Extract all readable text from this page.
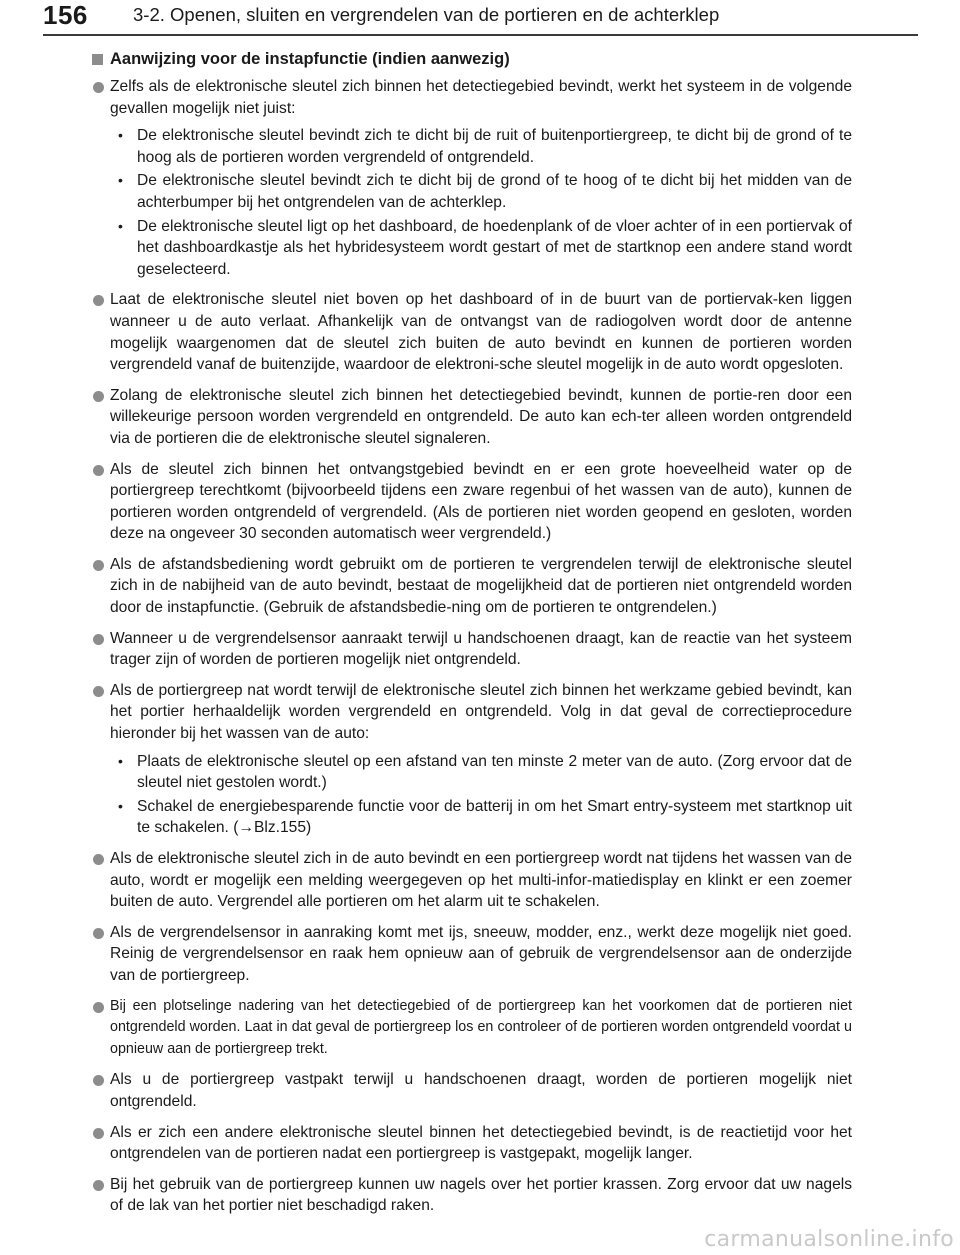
156 3-2. Openen, sluiten en vergrendelen van de portieren en de achterklep
Aanwijzing voor de instapfunctie (indien aanwezig)
Zelfs als de elektronische sleutel zich binnen het detectiegebied bevindt, werkt het systeem in de volgende gevallen mogelijk niet juist:
• De elektronische sleutel bevindt zich te dicht bij de ruit of buitenportiergreep, te dicht bij de grond of te hoog als de portieren worden vergrendeld of ontgrendeld.
• De elektronische sleutel bevindt zich te dicht bij de grond of te hoog of te dicht bij het midden van de achterbumper bij het ontgrendelen van de achterklep.
• De elektronische sleutel ligt op het dashboard, de hoedenplank of de vloer achter of in een portiervak of het dashboardkastje als het hybridesysteem wordt gestart of met de startknop een andere stand wordt geselecteerd.
Laat de elektronische sleutel niet boven op het dashboard of in de buurt van de portiervak-ken liggen wanneer u de auto verlaat. Afhankelijk van de ontvangst van de radiogolven wordt door de antenne mogelijk waargenomen dat de sleutel zich buiten de auto bevindt en kunnen de portieren worden vergrendeld vanaf de buitenzijde, waardoor de elektroni-sche sleutel mogelijk in de auto wordt opgesloten.
Zolang de elektronische sleutel zich binnen het detectiegebied bevindt, kunnen de portie-ren door een willekeurige persoon worden vergrendeld en ontgrendeld. De auto kan ech-ter alleen worden ontgrendeld via de portieren die de elektronische sleutel signaleren.
Als de sleutel zich binnen het ontvangstgebied bevindt en er een grote hoeveelheid water op de portiergreep terechtkomt (bijvoorbeeld tijdens een zware regenbui of het wassen van de auto), kunnen de portieren worden ontgrendeld of vergrendeld. (Als de portieren niet worden geopend en gesloten, worden deze na ongeveer 30 seconden automatisch weer vergrendeld.)
Als de afstandsbediening wordt gebruikt om de portieren te vergrendelen terwijl de elektronische sleutel zich in de nabijheid van de auto bevindt, bestaat de mogelijkheid dat de portieren niet ontgrendeld worden door de instapfunctie. (Gebruik de afstandsbedie-ning om de portieren te ontgrendelen.)
Wanneer u de vergrendelsensor aanraakt terwijl u handschoenen draagt, kan de reactie van het systeem trager zijn of worden de portieren mogelijk niet ontgrendeld.
Als de portiergreep nat wordt terwijl de elektronische sleutel zich binnen het werkzame gebied bevindt, kan het portier herhaaldelijk worden vergrendeld en ontgrendeld. Volg in dat geval de correctieprocedure hieronder bij het wassen van de auto:
• Plaats de elektronische sleutel op een afstand van ten minste 2 meter van de auto. (Zorg ervoor dat de sleutel niet gestolen wordt.)
• Schakel de energiebesparende functie voor de batterij in om het Smart entry-systeem met startknop uit te schakelen. (→Blz.155)
Als de elektronische sleutel zich in de auto bevindt en een portiergreep wordt nat tijdens het wassen van de auto, wordt er mogelijk een melding weergegeven op het multi-infor-matiedisplay en klinkt er een zoemer buiten de auto. Vergrendel alle portieren om het alarm uit te schakelen.
Als de vergrendelsensor in aanraking komt met ijs, sneeuw, modder, enz., werkt deze mogelijk niet goed. Reinig de vergrendelsensor en raak hem opnieuw aan of gebruik de vergrendelsensor aan de onderzijde van de portiergreep.
Bij een plotselinge nadering van het detectiegebied of de portiergreep kan het voorkomen dat de portieren niet ontgrendeld worden. Laat in dat geval de portiergreep los en controleer of de portieren worden ontgrendeld voordat u opnieuw aan de portiergreep trekt.
Als u de portiergreep vastpakt terwijl u handschoenen draagt, worden de portieren mogelijk niet ontgrendeld.
Als er zich een andere elektronische sleutel binnen het detectiegebied bevindt, is de reactietijd voor het ontgrendelen van de portieren nadat een portiergreep is vastgepakt, mogelijk langer.
Bij het gebruik van de portiergreep kunnen uw nagels over het portier krassen. Zorg ervoor dat uw nagels of de lak van het portier niet beschadigd raken.
carmanualsonline.info
